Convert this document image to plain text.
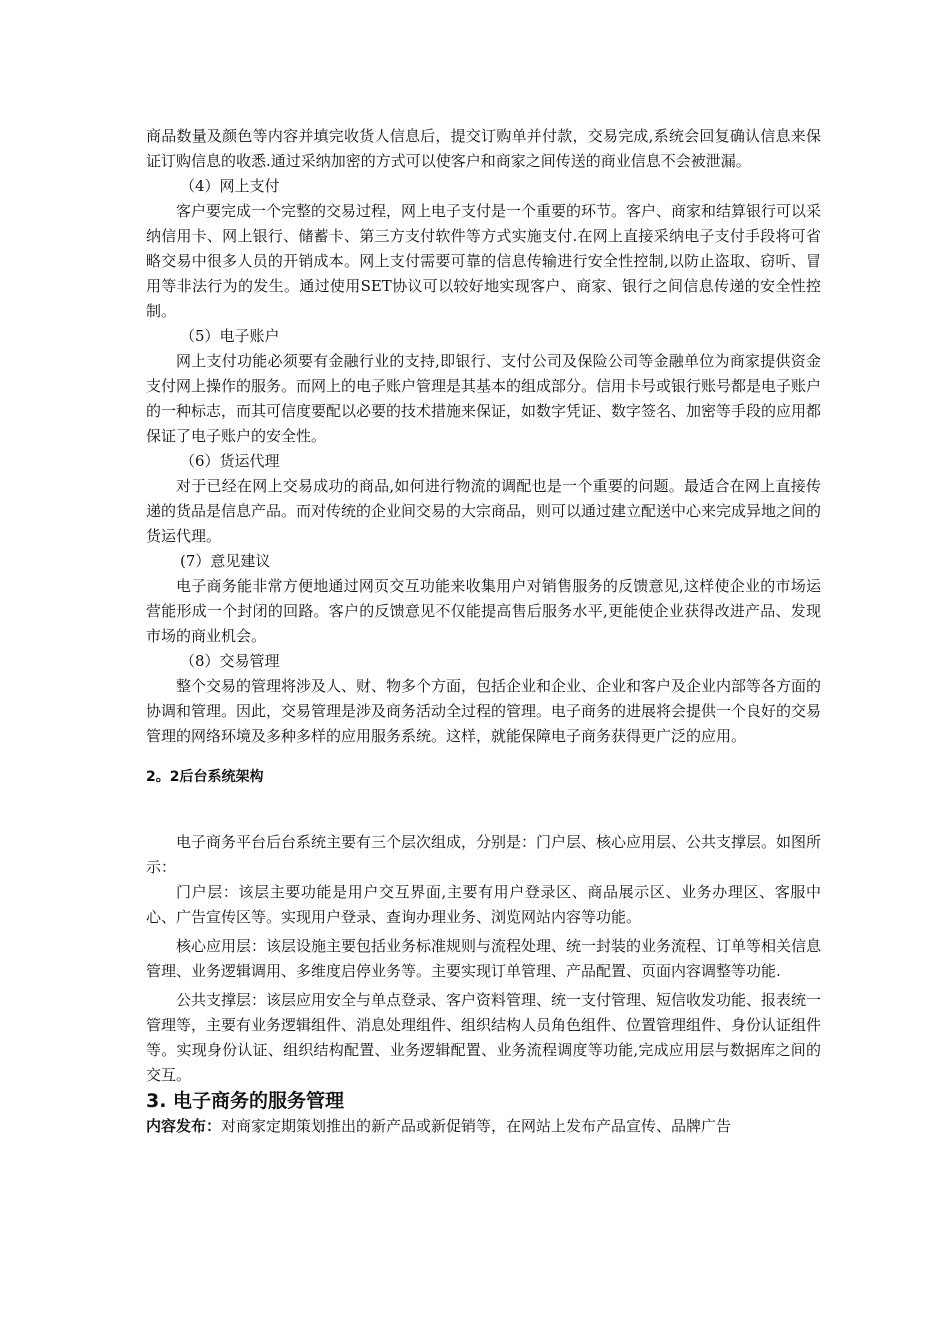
商品数量及颜色等内容并填完收货人信息后，提交订购单并付款，交易完成,系统会回复确认信息来保证订购信息的收悉.通过采纳加密的方式可以使客户和商家之间传送的商业信息不会被泄漏。

（4）网上支付

客户要完成一个完整的交易过程，网上电子支付是一个重要的环节。客户、商家和结算银行可以采纳信用卡、网上银行、储蓄卡、第三方支付软件等方式实施支付.在网上直接采纳电子支付手段将可省略交易中很多人员的开销成本。网上支付需要可靠的信息传输进行安全性控制,以防止盗取、窃听、冒用等非法行为的发生。通过使用SET协议可以较好地实现客户、商家、银行之间信息传递的安全性控制。

（5）电子账户

网上支付功能必须要有金融行业的支持,即银行、支付公司及保险公司等金融单位为商家提供资金支付网上操作的服务。而网上的电子账户管理是其基本的组成部分。信用卡号或银行账号都是电子账户的一种标志，而其可信度要配以必要的技术措施来保证，如数字凭证、数字签名、加密等手段的应用都保证了电子账户的安全性。

（6）货运代理

对于已经在网上交易成功的商品,如何进行物流的调配也是一个重要的问题。最适合在网上直接传递的货品是信息产品。而对传统的企业间交易的大宗商品，则可以通过建立配送中心来完成异地之间的货运代理。

(7）意见建议

电子商务能非常方便地通过网页交互功能来收集用户对销售服务的反馈意见,这样使企业的市场运营能形成一个封闭的回路。客户的反馈意见不仅能提高售后服务水平,更能使企业获得改进产品、发现市场的商业机会。

（8）交易管理

整个交易的管理将涉及人、财、物多个方面，包括企业和企业、企业和客户及企业内部等各方面的协调和管理。因此，交易管理是涉及商务活动全过程的管理。电子商务的进展将会提供一个良好的交易管理的网络环境及多种多样的应用服务系统。这样，就能保障电子商务获得更广泛的应用。

2。2后台系统架构

电子商务平台后台系统主要有三个层次组成，分别是：门户层、核心应用层、公共支撑层。如图所示：

门户层：该层主要功能是用户交互界面,主要有用户登录区、商品展示区、业务办理区、客服中心、广告宣传区等。实现用户登录、查询办理业务、浏览网站内容等功能。

核心应用层：该层设施主要包括业务标准规则与流程处理、统一封装的业务流程、订单等相关信息管理、业务逻辑调用、多维度启停业务等。主要实现订单管理、产品配置、页面内容调整等功能.

公共支撑层：该层应用安全与单点登录、客户资料管理、统一支付管理、短信收发功能、报表统一管理等，主要有业务逻辑组件、消息处理组件、组织结构人员角色组件、位置管理组件、身份认证组件等。实现身份认证、组织结构配置、业务逻辑配置、业务流程调度等功能,完成应用层与数据库之间的交互。

3. 电子商务的服务管理

内容发布：对商家定期策划推出的新产品或新促销等，在网站上发布产品宣传、品牌广告
